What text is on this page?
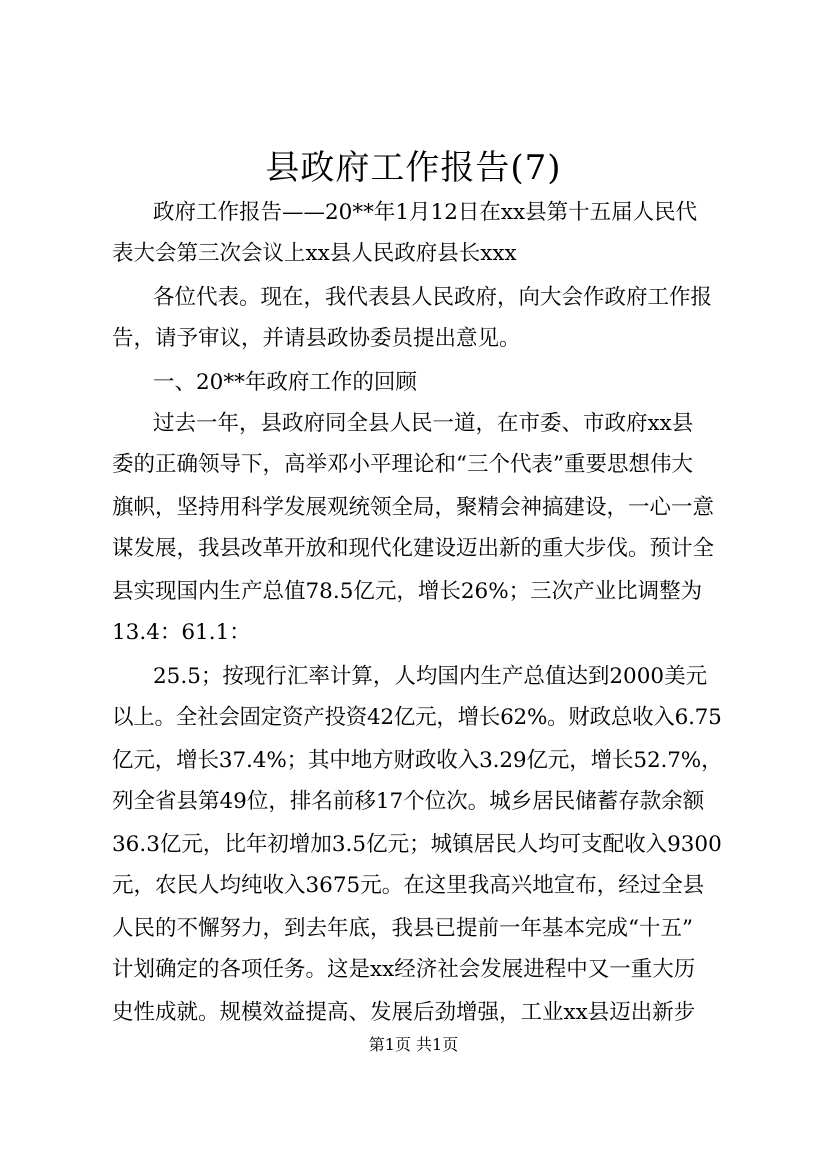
县政府工作报告(7)

政府工作报告——20**年1月12日在xx县第十五届人民代

表大会第三次会议上xx县人民政府县长xxx

各位代表。现在，我代表县人民政府，向大会作政府工作报

告，请予审议，并请县政协委员提出意见。

一、20**年政府工作的回顾

过去一年，县政府同全县人民一道，在市委、市政府xx县

委的正确领导下，高举邓小平理论和“三个代表”重要思想伟大

旗帜，坚持用科学发展观统领全局，聚精会神搞建设，一心一意

谋发展，我县改革开放和现代化建设迈出新的重大步伐。预计全

县实现国内生产总值78.5亿元，增长26%；三次产业比调整为

13.4：61.1：

25.5；按现行汇率计算，人均国内生产总值达到2000美元

以上。全社会固定资产投资42亿元，增长62%。财政总收入6.75

亿元，增长37.4%；其中地方财政收入3.29亿元，增长52.7%，

列全省县第49位，排名前移17个位次。城乡居民储蓄存款余额

36.3亿元，比年初增加3.5亿元；城镇居民人均可支配收入9300

元，农民人均纯收入3675元。在这里我高兴地宣布，经过全县

人民的不懈努力，到去年底，我县已提前一年基本完成“十五”

计划确定的各项任务。这是xx经济社会发展进程中又一重大历

史性成就。规模效益提高、发展后劲增强，工业xx县迈出新步

第1页 共1页
